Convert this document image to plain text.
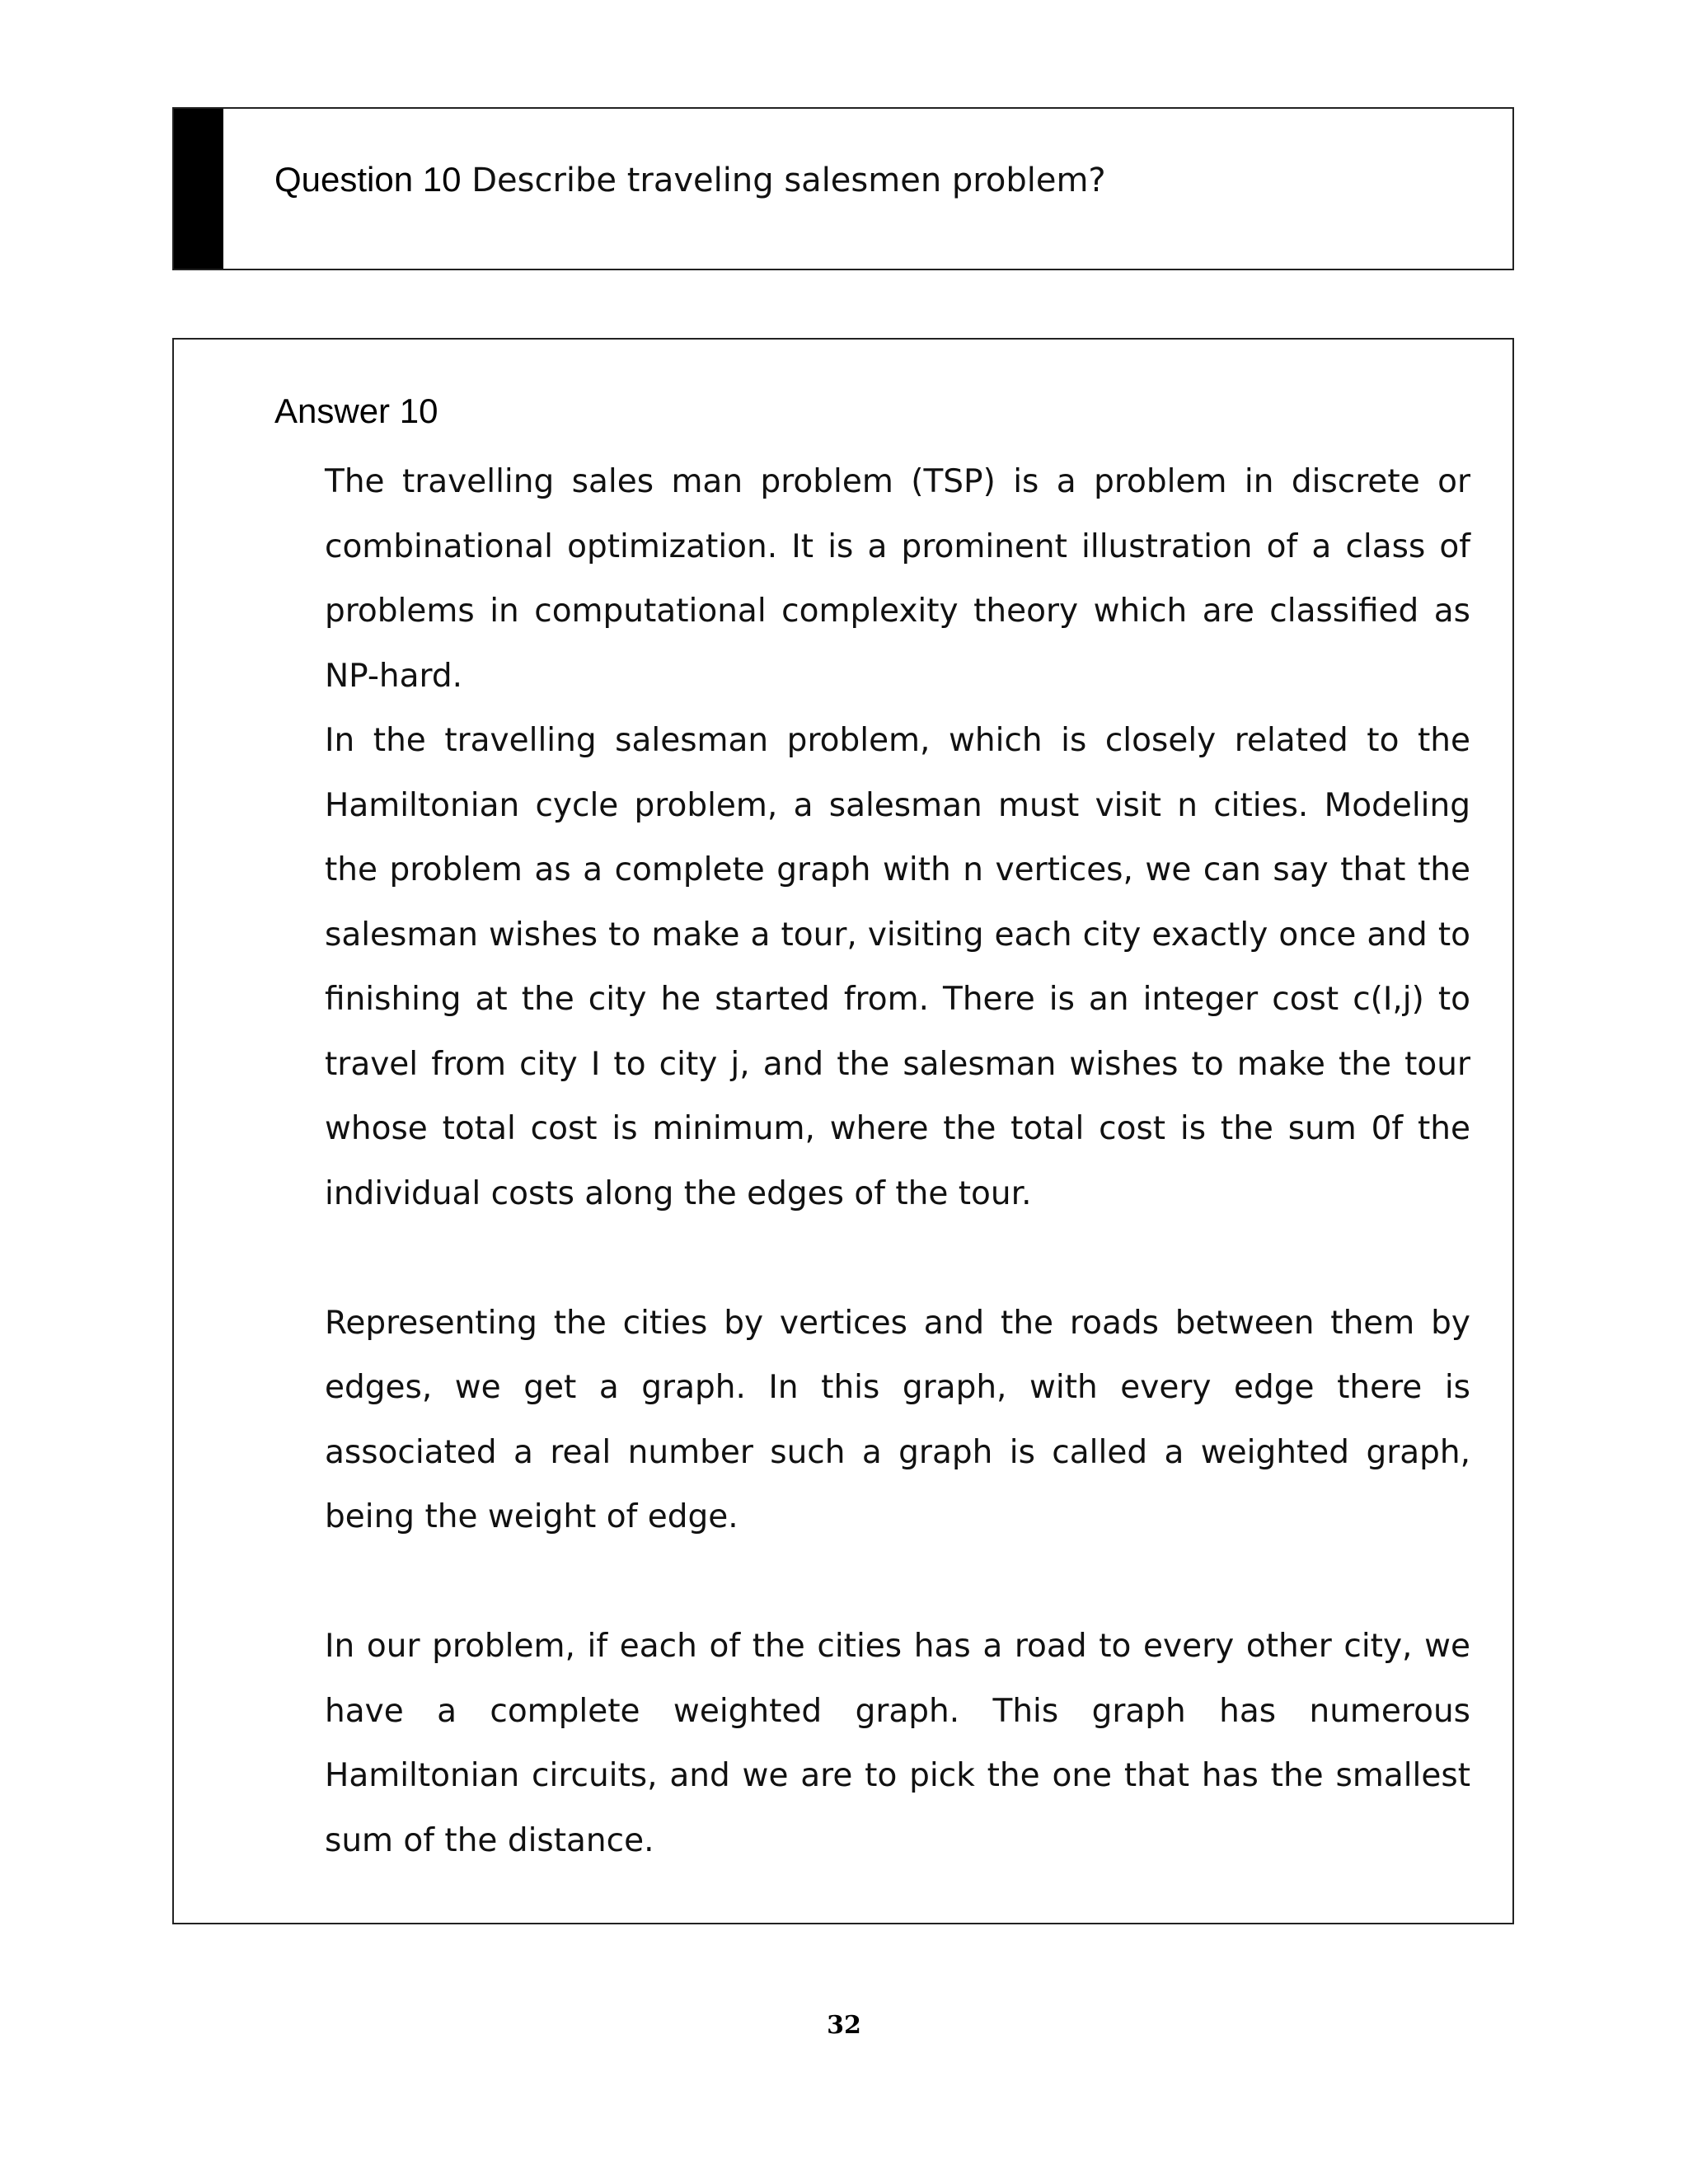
Question 10 Describe traveling salesmen problem?
Answer 10

The travelling sales man problem (TSP) is a problem in discrete or combinational optimization. It is a prominent illustration of a class of problems in computational complexity theory which are classified as NP-hard.

In the travelling salesman problem, which is closely related to the Hamiltonian cycle problem, a salesman must visit n cities. Modeling the problem as a complete graph with n vertices, we can say that the salesman wishes to make a tour, visiting each city exactly once and to finishing at the city he started from. There is an integer cost c(I,j) to travel from city I to city j, and the salesman wishes to make the tour whose total cost is minimum, where the total cost is the sum 0f the individual costs along the edges of the tour.

Representing the cities by vertices and the roads between them by edges, we get a graph. In this graph, with every edge there is associated a real number such a graph is called a weighted graph, being the weight of edge.

In our problem, if each of the cities has a road to every other city, we have a complete weighted graph. This graph has numerous Hamiltonian circuits, and we are to pick the one that has the smallest sum of the distance.

32
